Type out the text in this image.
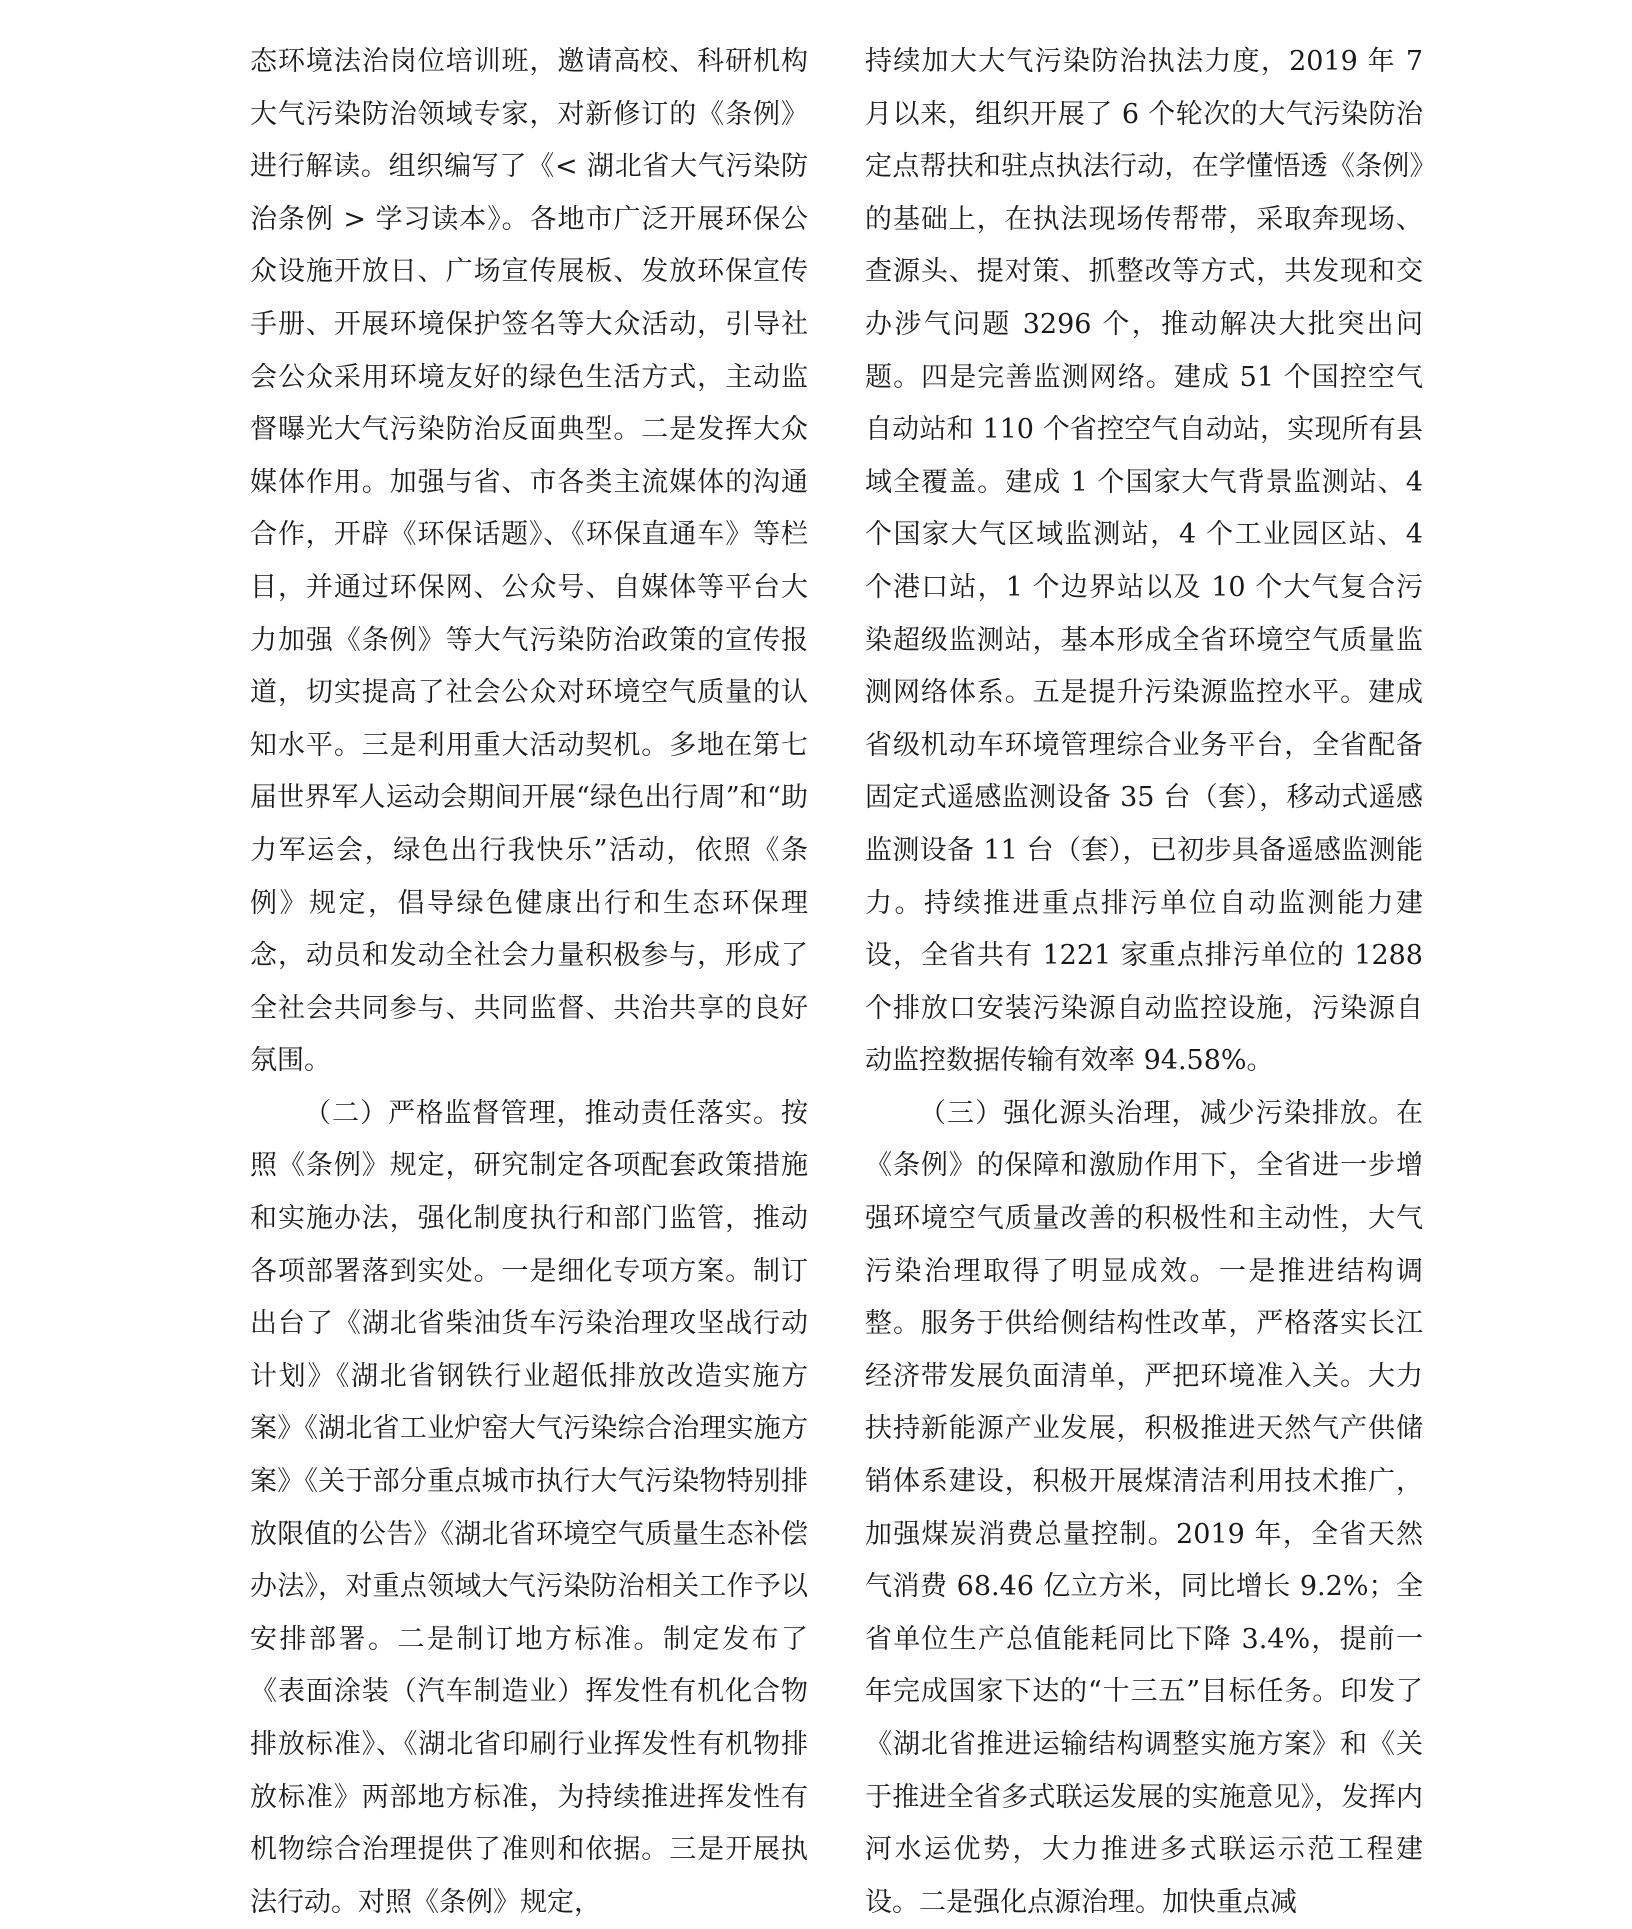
态环境法治岗位培训班，邀请高校、科研机构大气污染防治领域专家，对新修订的《条例》进行解读。组织编写了《< 湖北省大气污染防治条例 > 学习读本》。各地市广泛开展环保公众设施开放日、广场宣传展板、发放环保宣传手册、开展环境保护签名等大众活动，引导社会公众采用环境友好的绿色生活方式，主动监督曝光大气污染防治反面典型。二是发挥大众媒体作用。加强与省、市各类主流媒体的沟通合作，开辟《环保话题》、《环保直通车》等栏目，并通过环保网、公众号、自媒体等平台大力加强《条例》等大气污染防治政策的宣传报道，切实提高了社会公众对环境空气质量的认知水平。三是利用重大活动契机。多地在第七届世界军人运动会期间开展“绿色出行周”和“助力军运会，绿色出行我快乐”活动，依照《条例》规定，倡导绿色健康出行和生态环保理念，动员和发动全社会力量积极参与，形成了全社会共同参与、共同监督、共治共享的良好氛围。

（二）严格监督管理，推动责任落实。按照《条例》规定，研究制定各项配套政策措施和实施办法，强化制度执行和部门监管，推动各项部署落到实处。一是细化专项方案。制订出台了《湖北省柴油货车污染治理攻坚战行动计划》《湖北省钢铁行业超低排放改造实施方案》《湖北省工业炉窑大气污染综合治理实施方案》《关于部分重点城市执行大气污染物特别排放限值的公告》《湖北省环境空气质量生态补偿办法》，对重点领域大气污染防治相关工作予以安排部署。二是制订地方标准。制定发布了《表面涂装（汽车制造业）挥发性有机化合物排放标准》、《湖北省印刷行业挥发性有机物排放标准》两部地方标准，为持续推进挥发性有机物综合治理提供了准则和依据。三是开展执法行动。对照《条例》规定，

持续加大大气污染防治执法力度，2019 年 7 月以来，组织开展了 6 个轮次的大气污染防治定点帮扶和驻点执法行动，在学懂悟透《条例》的基础上，在执法现场传帮带，采取奔现场、查源头、提对策、抓整改等方式，共发现和交办涉气问题 3296 个，推动解决大批突出问题。四是完善监测网络。建成 51 个国控空气自动站和 110 个省控空气自动站，实现所有县域全覆盖。建成 1 个国家大气背景监测站、4 个国家大气区域监测站，4 个工业园区站、4 个港口站，1 个边界站以及 10 个大气复合污染超级监测站，基本形成全省环境空气质量监测网络体系。五是提升污染源监控水平。建成省级机动车环境管理综合业务平台，全省配备固定式遥感监测设备 35 台（套），移动式遥感监测设备 11 台（套），已初步具备遥感监测能力。持续推进重点排污单位自动监测能力建设，全省共有 1221 家重点排污单位的 1288 个排放口安装污染源自动监控设施，污染源自动监控数据传输有效率 94.58%。

（三）强化源头治理，减少污染排放。在《条例》的保障和激励作用下，全省进一步增强环境空气质量改善的积极性和主动性，大气污染治理取得了明显成效。一是推进结构调整。服务于供给侧结构性改革，严格落实长江经济带发展负面清单，严把环境准入关。大力扶持新能源产业发展，积极推进天然气产供储销体系建设，积极开展煤清洁利用技术推广，加强煤炭消费总量控制。2019 年，全省天然气消费 68.46 亿立方米，同比增长 9.2%；全省单位生产总值能耗同比下降 3.4%，提前一年完成国家下达的“十三五”目标任务。印发了《湖北省推进运输结构调整实施方案》和《关于推进全省多式联运发展的实施意见》，发挥内河水运优势，大力推进多式联运示范工程建设。二是强化点源治理。加快重点减
